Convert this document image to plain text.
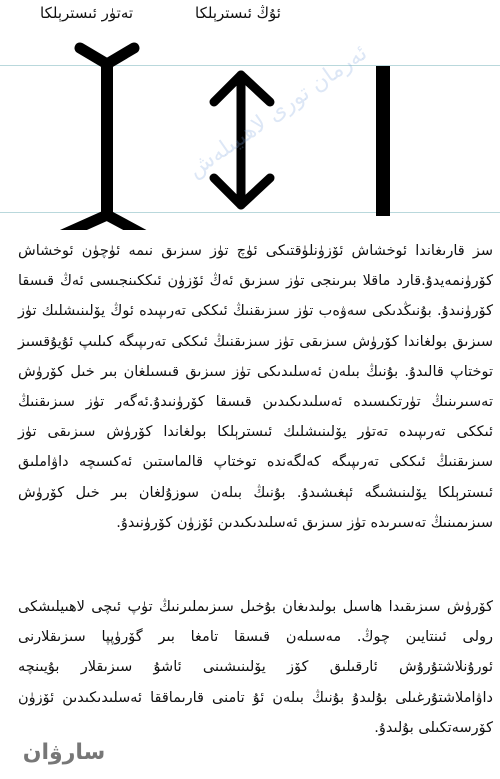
تەتۈر ئىسترېلكا	ئۇڭ ئىسترېلكا
ئەرمان تورى لاھىيىلەش

سز قارىغاندا ئوخشاش ئۆزۈنلۈقتىكى ئۈچ تۈز سىزىق نىمە ئۈچۈن ئوخشاش كۆرۈنمەيدۇ.قارد ماقلا بىرىنجى تۈز سىزىق ئەڭ ئۆزۈن ئىككىنجىسى ئەڭ قىسقا كۆرۈنىدۇ. بۇنىڭدىكى سەۋەب تۈز سىزىقنىڭ ئىككى تەرىپىدە ئوڭ يۆلىنىشلىك تۈز سىزىق بولغاندا كۆرۈش سىزىقى تۈز سىزىقنىڭ ئىككى تەرىپىگە كىلىپ ئۇيۇقسىز توختاپ قالىدۇ. بۇنىڭ بىلەن ئەسلىدىكى تۈز سىزىق قىسىلغان بىر خىل كۆرۈش تەسىرىنىڭ تۈرتكىسىدە ئەسلىدىكىدىن قىسقا كۆرۈنىدۇ.ئەگەر تۈز سىزىقنىڭ ئىككى تەرىپىدە تەتۈر يۆلىنىشلىك ئىسترېلكا بولغاندا كۆرۈش سىزىقى تۈز سىزىقنىڭ ئىككى تەرىپىگە كەلگەندە توختاپ قالماستىن ئەكسىچە داۋاملىق ئىسترېلكا يۆلىنىشىگە ئېغىشىدۇ. بۇنىڭ بىلەن سوزۇلغان بىر خىل كۆرۈش سىزىمىنىڭ تەسىرىدە تۈز سىزىق ئەسلىدىكىدىن ئۆزۈن كۆرۈنىدۇ.

كۆرۈش سىزىقىدا ھاسىل بولىدىغان بۇخىل سىزىملىرنىڭ تۈپ ئىچى لاھىيلىشكى رولى ئىنتايىن چوڭ. مەسىلەن قىسقا تامغا بىر گۆرۈپپا سىزىقلارنى ئورۇنلاشتۇرۇش ئارقىلىق كۆز يۆلىنىشىنى ئاشۇ سىزىقلار بۇيىنچە داۋاملاشتۇرغىلى بۇلىدۇ بۇنىڭ بىلەن ئۇ تامنى قارىماققا ئەسلىدىكىدىن ئۆزۈن كۆرسەتكىلى بۇلىدۇ.

سارۋان
